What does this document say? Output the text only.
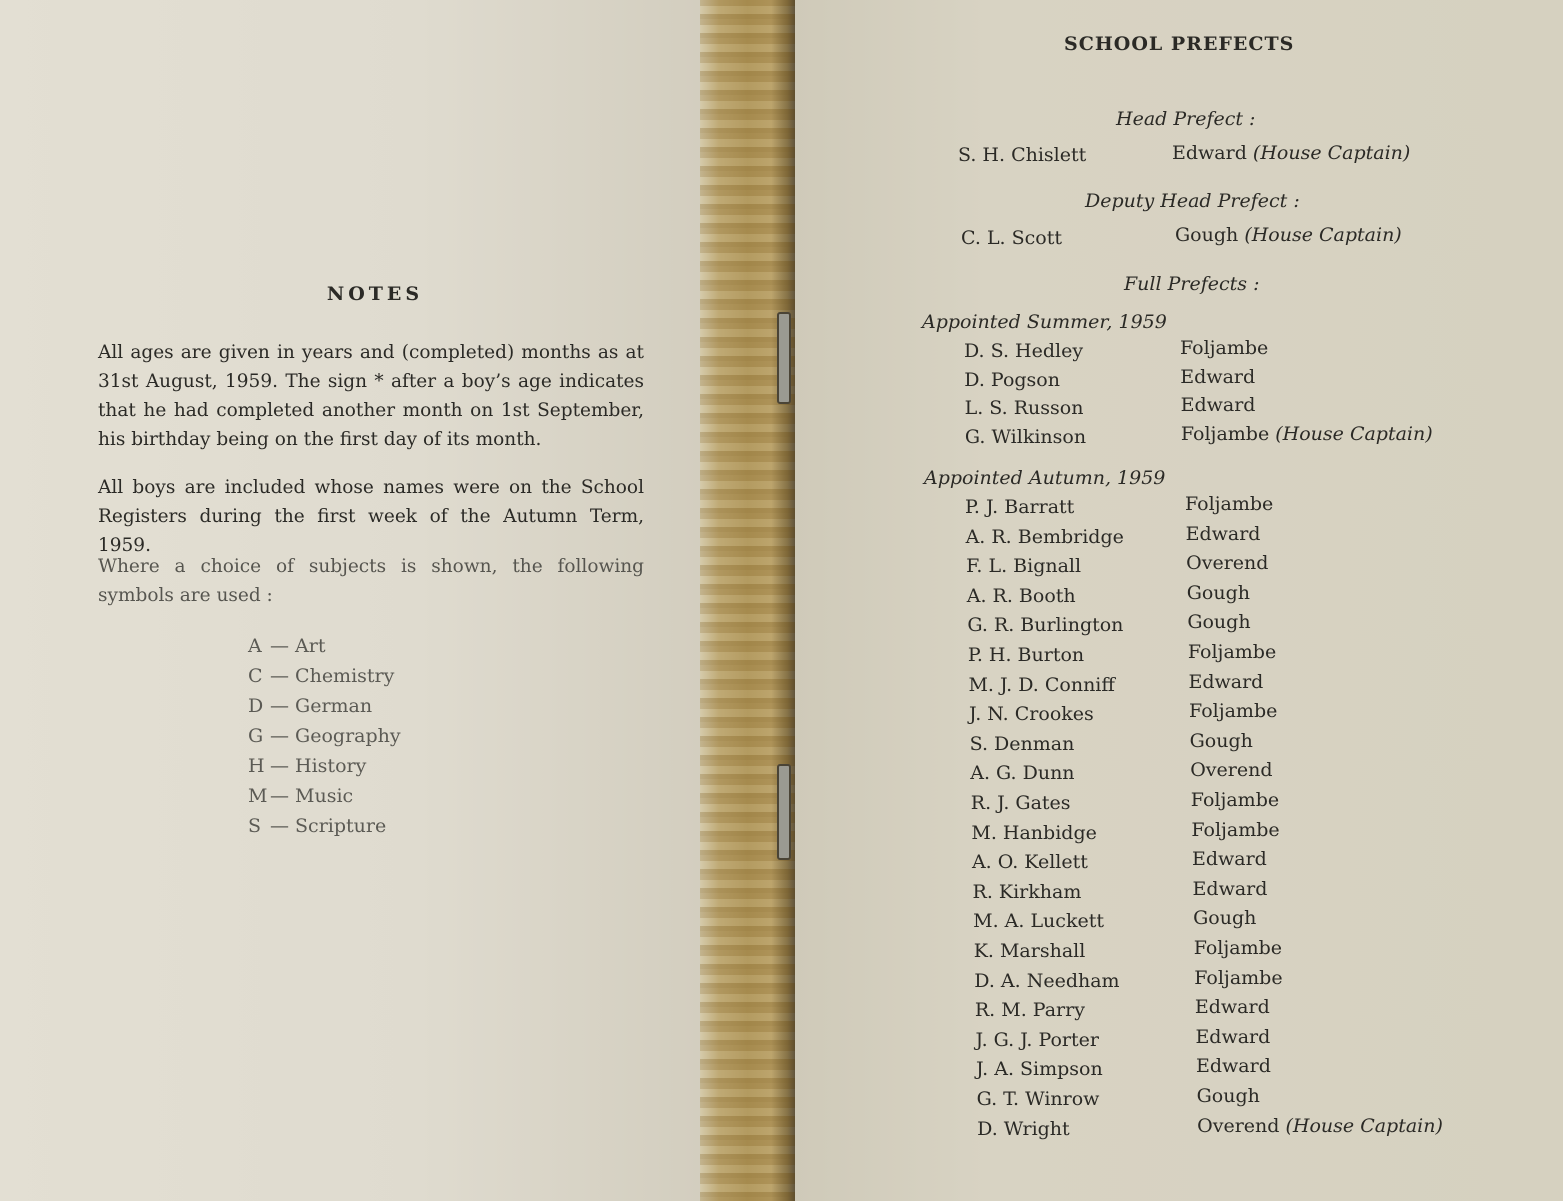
NOTES
All ages are given in years and (completed) months as at 31st August, 1959. The sign * after a boy’s age indicates that he had completed another month on 1st September, his birthday being on the first day of its month.
All boys are included whose names were on the School Registers during the first week of the Autumn Term, 1959.
Where a choice of subjects is shown, the following symbols are used :
A — Art
C — Chemistry
D — German
G — Geography
H — History
M — Music
S — Scripture
SCHOOL PREFECTS
Head Prefect :
S. H. Chislett	Edward (House Captain)
Deputy Head Prefect :
C. L. Scott	Gough (House Captain)
Full Prefects :
Appointed Summer, 1959
D. S. Hedley	Foljambe
D. Pogson	Edward
L. S. Russon	Edward
G. Wilkinson	Foljambe (House Captain)
Appointed Autumn, 1959
P. J. Barratt	Foljambe
A. R. Bembridge	Edward
F. L. Bignall	Overend
A. R. Booth	Gough
G. R. Burlington	Gough
P. H. Burton	Foljambe
M. J. D. Conniff	Edward
J. N. Crookes	Foljambe
S. Denman	Gough
A. G. Dunn	Overend
R. J. Gates	Foljambe
M. Hanbidge	Foljambe
A. O. Kellett	Edward
R. Kirkham	Edward
M. A. Luckett	Gough
K. Marshall	Foljambe
D. A. Needham	Foljambe
R. M. Parry	Edward
J. G. J. Porter	Edward
J. A. Simpson	Edward
G. T. Winrow	Gough
D. Wright	Overend (House Captain)
